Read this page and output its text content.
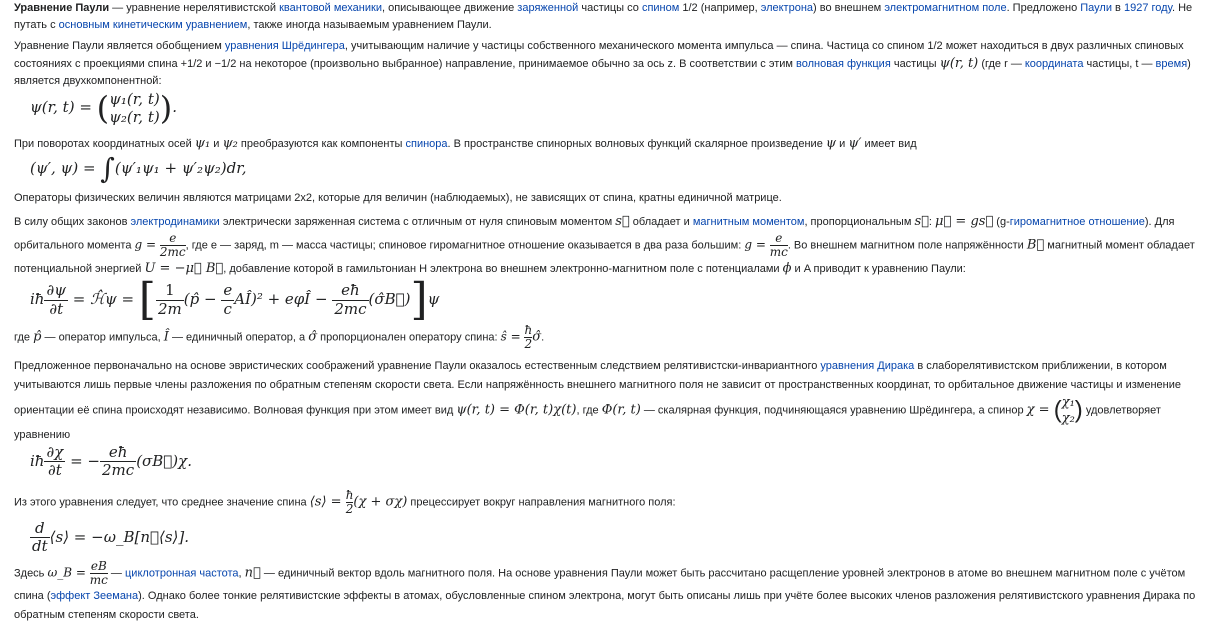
Уравнение Паули — уравнение нерелятивистской квантовой механики, описывающее движение заряженной частицы со спином 1/2 (например, электрона) во внешнем электромагнитном поле. Предложено Паули в 1927 году. Не путать с основным кинетическим уравнением, также иногда называемым уравнением Паули.
Уравнение Паули является обобщением уравнения Шрёдингера, учитывающим наличие у частицы собственного механического момента импульса — спина. Частица со спином 1/2 может находиться в двух различных спиновых состояниях с проекциями спина +1/2 и −1/2 на некоторое (произвольно выбранное) направление, принимаемое обычно за ось z. В соответствии с этим волновая функция частицы ψ(r, t) (где r — координата частицы, t — время) является двухкомпонентной:
ψ(r, t) = ( ψ₁(r, t)
ψ₂(r, t) ).
При поворотах координатных осей ψ₁ и ψ₂ преобразуются как компоненты спинора. В пространстве спинорных волновых функций скалярное произведение ψ и ψ′ имеет вид
(ψ′, ψ) = ∫(ψ′₁ψ₁ + ψ′₂ψ₂)dr,
Операторы физических величин являются матрицами 2х2, которые для величин (наблюдаемых), не зависящих от спина, кратны единичной матрице.
В силу общих законов электродинамики электрически заряженная система с отличным от нуля спиновым моментом s⃗ обладает и магнитным моментом, пропорциональным s⃗: μ⃗ = gs⃗ (g-гиромагнитное отношение). Для орбитального момента $g = \frac{e}{2mc}$ , где e — заряд, m — масса частицы; спиновое гиромагнитное отношение оказывается в два раза большим: $g = \frac{e}{mc}$ . Во внешнем магнитном поле напряжённости B⃗ магнитный момент обладает потенциальной энергией U = −μ⃗ B⃗, добавление которой в гамильтониан H электрона во внешнем электронно-магнитном поле с потенциалами ϕ и A приводит к уравнению Паули:
iħ $\frac{\partial\psi}{\partial t}$ = ℋ̂ψ = [ $\frac{1}{2m}$ (p̂ − $\frac{e}{c}$ AÎ)² + eφÎ − $\frac{eħ}{2mc}$ (σ̂B⃗)]ψ
где p̂ — оператор импульса, Î — единичный оператор, а σ̂ пропорционален оператору спина: ŝ = $\frac{ħ}{2}$ σ̂.
Предложенное первоначально на основе эвристических соображений уравнение Паули оказалось естественным следствием релятивистски-инвариантного уравнения Дирака в слаборелятивистском приближении, в котором учитываются лишь первые члены разложения по обратным степеням скорости света. Если напряжённость внешнего магнитного поля не зависит от пространственных координат, то орбитальное движение частицы и изменение ориентации её спина происходят независимо. Волновая функция при этом имеет вид ψ(r, t) = Φ(r, t)χ(t), где Φ(r, t) — скалярная функция, подчиняющаяся уравнению Шрёдингера, а спинор χ = ( χ₁
χ₂ ) удовлетворяет уравнению
iħ $\frac{\partial\chi}{\partial t}$ = − $\frac{eħ}{2mc}$ (σB⃗)χ.
Из этого уравнения следует, что среднее значение спина ⟨s⟩ = $\frac{ħ}{2} (\chi + \sigma\chi)$ прецессирует вокруг направления магнитного поля:
$\frac{d}{dt}$ ⟨s⟩ = −ω_B[n⃗⟨s⟩].
Здесь ω_B = $\frac{eB}{mc}$ — циклотронная частота, n⃗ — единичный вектор вдоль магнитного поля. На основе уравнения Паули может быть рассчитано расщепление уровней электронов в атоме во внешнем магнитном поле с учётом спина (эффект Зеемана). Однако более тонкие релятивистские эффекты в атомах, обусловленные спином электрона, могут быть описаны лишь при учёте более высоких членов разложения релятивистского уравнения Дирака по обратным степеням скорости света.
